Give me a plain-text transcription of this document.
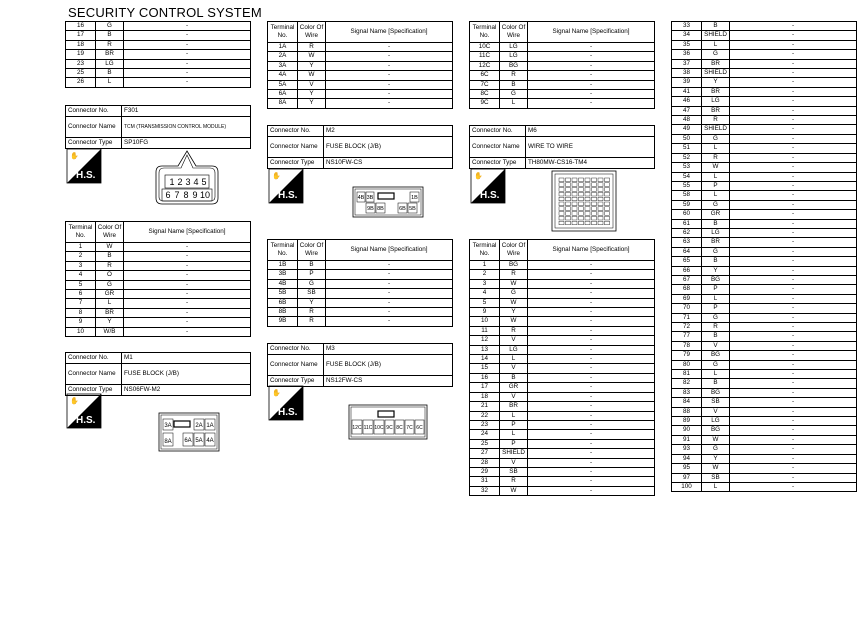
SECURITY CONTROL SYSTEM
16	G	-
17	B	-
18	R	-
19	BR	-
23	LG	-
25	B	-
26	L	-
Connector No.	F301
Connector Name	TCM (TRANSMISSION CONTROL MODULE)
Connector Type	SP10FG
✋
H.S.
✋
H.S.
✋
H.S.
✋
H.S.
✋
H.S.
1 2 3 4 5
6 7 8 9 10
Terminal No.	Color Of Wire	Signal Name [Specification]
1	W	-
2	B	-
3	R	-
4	O	-
5	G	-
6	GR	-
7	L	-
8	BR	-
9	Y	-
10	W/B	-
Connector No.	M1
Connector Name	FUSE BLOCK (J/B)
Connector Type	NS06FW-M2
3A	2A 1A
8A 6A 5A 4A
Terminal No.	Color Of Wire	Signal Name [Specification]
1A	R	-
2A	W	-
3A	Y	-
4A	W	-
5A	V	-
6A	Y	-
8A	Y	-
Connector No.	M2
Connector Name	FUSE BLOCK (J/B)
Connector Type	NS10FW-CS
4B 3B	1B
9B 8B	6B 5B
Terminal No.	Color Of Wire	Signal Name [Specification]
1B	B	-
3B	P	-
4B	G	-
5B	SB	-
6B	Y	-
8B	R	-
9B	R	-
Connector No.	M3
Connector Name	FUSE BLOCK (J/B)
Connector Type	NS12FW-CS
12C 11C 10C 9C 8C 7C 6C
Terminal No.	Color Of Wire	Signal Name [Specification]
10C	LG	-
11C	LG	-
12C	BG	-
6C	R	-
7C	B	-
8C	G	-
9C	L	-
Connector No.	M6
Connector Name	WIRE TO WIRE
Connector Type	TH80MW-CS16-TM4
Terminal No.	Color Of Wire	Signal Name [Specification]
1	BG	-
2	R	-
3	W	-
4	G	-
5	W	-
9	Y	-
10	W	-
11	R	-
12	V	-
13	LG	-
14	L	-
15	V	-
16	B	-
17	GR	-
18	V	-
21	BR	-
22	L	-
23	P	-
24	L	-
25	P	-
27	SHIELD	-
28	V	-
29	SB	-
31	R	-
32	W	-
33	B	-
34	SHIELD	-
35	L	-
36	G	-
37	BR	-
38	SHIELD	-
39	Y	-
41	BR	-
46	LG	-
47	BR	-
48	R	-
49	SHIELD	-
50	G	-
51	L	-
52	R	-
53	W	-
54	L	-
55	P	-
58	L	-
59	G	-
60	GR	-
61	B	-
62	LG	-
63	BR	-
64	G	-
65	B	-
66	Y	-
67	BG	-
68	P	-
69	L	-
70	P	-
71	G	-
72	R	-
77	B	-
78	V	-
79	BG	-
80	G	-
81	L	-
82	B	-
83	BG	-
84	SB	-
88	V	-
89	LG	-
90	BG	-
91	W	-
93	G	-
94	Y	-
95	W	-
97	SB	-
100	L	-
